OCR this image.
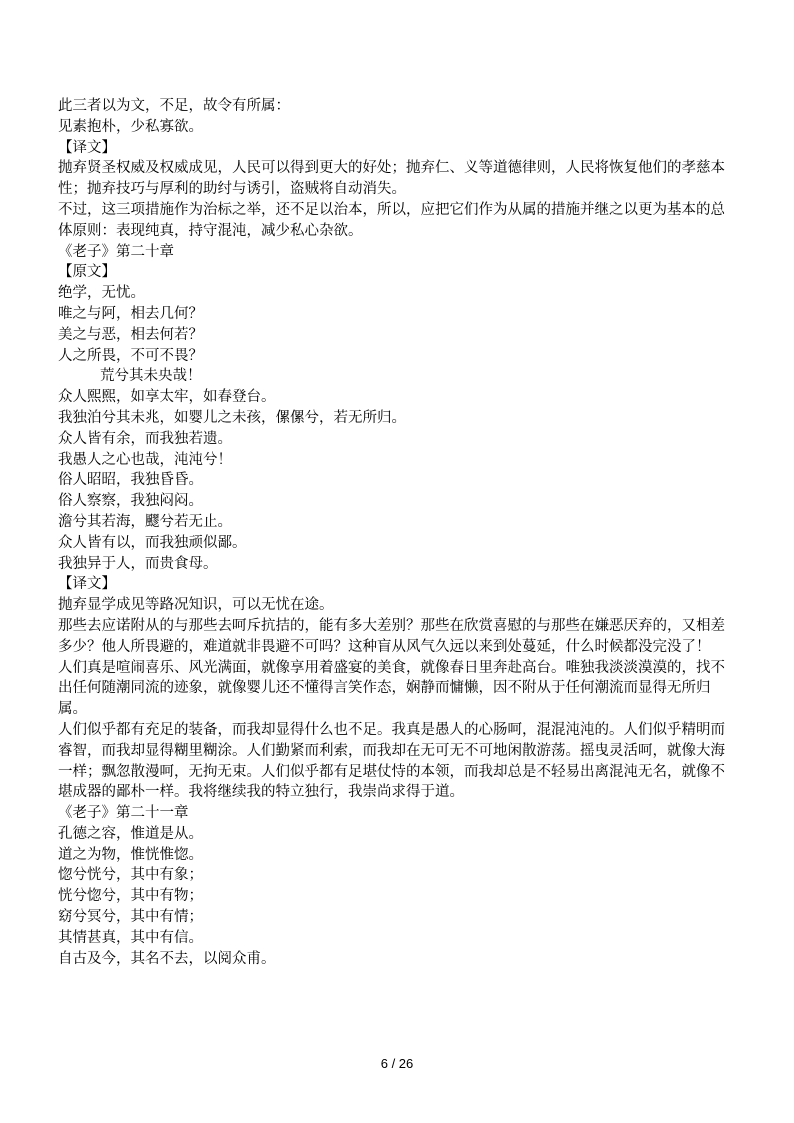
此三者以为文，不足，故令有所属：
见素抱朴，少私寡欲。
【译文】
抛弃贤圣权威及权威成见，人民可以得到更大的好处；抛弃仁、义等道德律则，人民将恢复他们的孝慈本性；抛弃技巧与厚利的助纣与诱引，盗贼将自动消失。
不过，这三项措施作为治标之举，还不足以治本，所以，应把它们作为从属的措施并继之以更为基本的总体原则：表现纯真，持守混沌，减少私心杂欲。
《老子》第二十章
【原文】
绝学，无忧。
唯之与阿，相去几何？
美之与恶，相去何若？
人之所畏，不可不畏？
荒兮其未央哉！
众人熙熙，如享太牢，如春登台。
我独泊兮其未兆，如婴儿之未孩，傫傫兮，若无所归。
众人皆有余，而我独若遗。
我愚人之心也哉，沌沌兮！
俗人昭昭，我独昏昏。
俗人察察，我独闷闷。
澹兮其若海，飂兮若无止。
众人皆有以，而我独顽似鄙。
我独异于人，而贵食母。
【译文】
抛弃显学成见等路况知识，可以无忧在途。
那些去应诺附从的与那些去呵斥抗拮的，能有多大差别？那些在欣赏喜慰的与那些在嫌恶厌弃的，又相差多少？他人所畏避的，难道就非畏避不可吗？这种盲从风气久远以来到处蔓延，什么时候都没完没了！
人们真是喧闹喜乐、风光满面，就像享用着盛宴的美食，就像春日里奔赴高台。唯独我淡淡漠漠的，找不出任何随潮同流的迹象，就像婴儿还不懂得言笑作态，娴静而慵懒，因不附从于任何潮流而显得无所归属。
人们似乎都有充足的装备，而我却显得什么也不足。我真是愚人的心肠呵，混混沌沌的。人们似乎精明而睿智，而我却显得糊里糊涂。人们勤紧而利索，而我却在无可无不可地闲散游荡。摇曳灵活呵，就像大海一样；飘忽散漫呵，无拘无束。人们似乎都有足堪仗恃的本领，而我却总是不轻易出离混沌无名，就像不堪成器的鄙朴一样。我将继续我的特立独行，我崇尚求得于道。
《老子》第二十一章
孔德之容，惟道是从。
道之为物，惟恍惟惚。
惚兮恍兮，其中有象；
恍兮惚兮，其中有物；
窈兮冥兮，其中有情；
其情甚真，其中有信。
自古及今，其名不去，以阅众甫。
6 / 26
